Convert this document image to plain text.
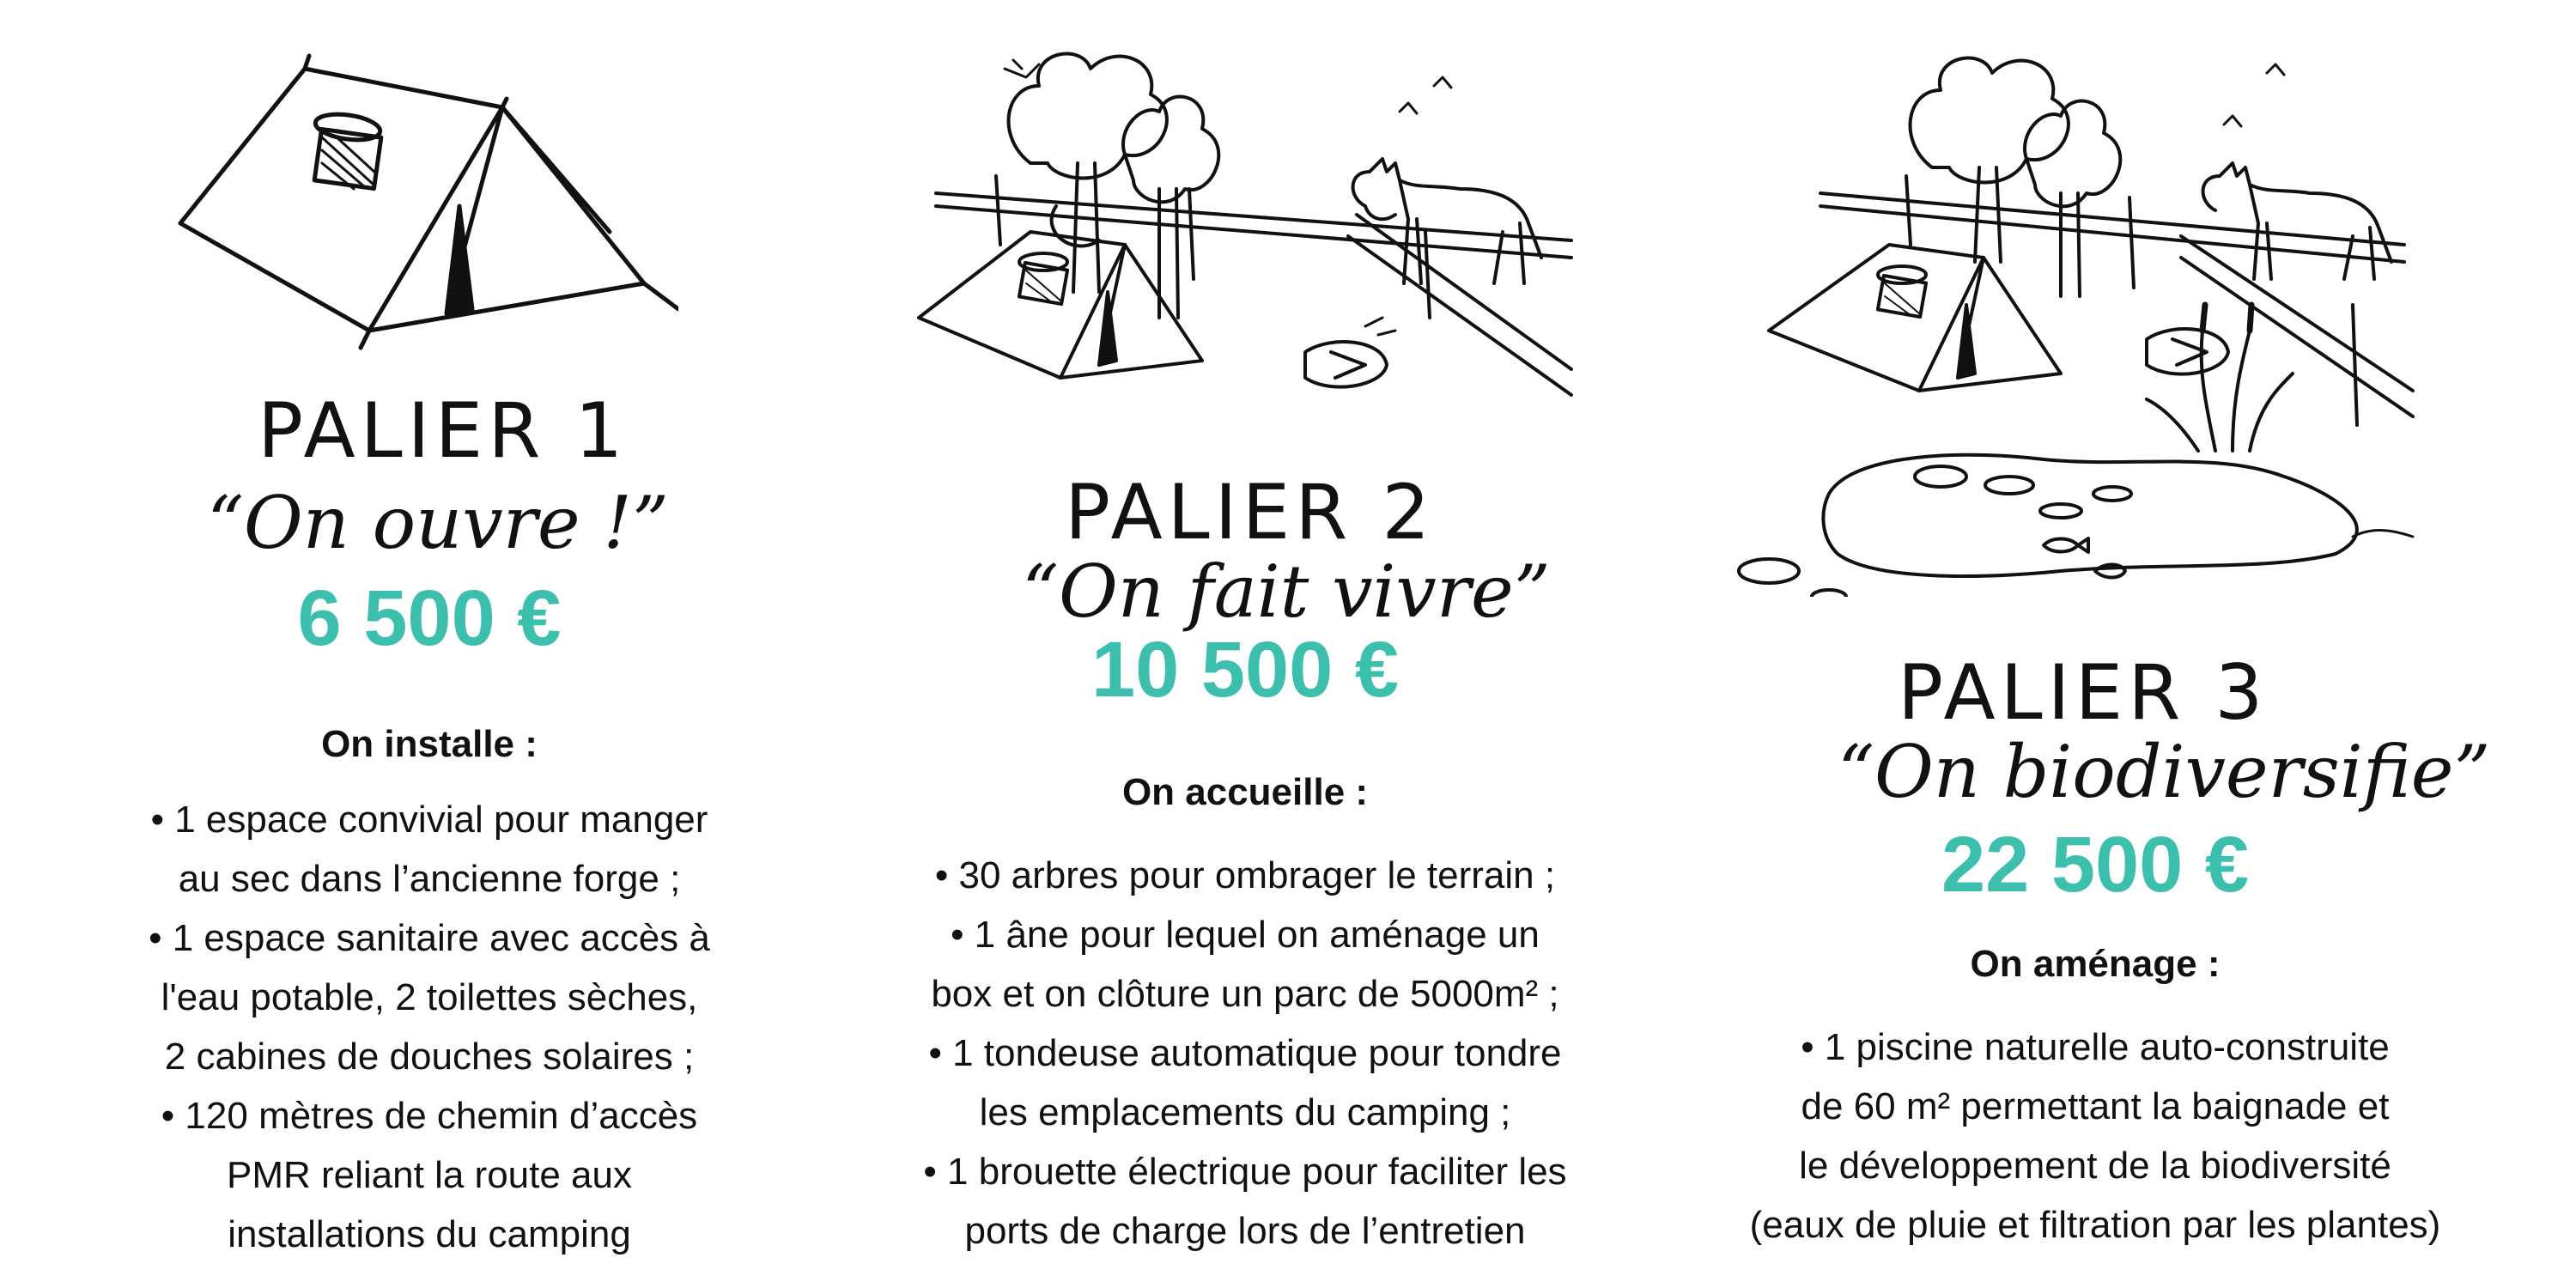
PALIER 1
“On ouvre !”
6 500 €
On installe :
• 1 espace convivial pour manger
au sec dans l’ancienne forge ;
• 1 espace sanitaire avec accès à
l'eau potable, 2 toilettes sèches,
2 cabines de douches solaires ;
• 120 mètres de chemin d’accès
PMR reliant la route aux
installations du camping
PALIER 2
“On fait vivre”
10 500 €
On accueille :
• 30 arbres pour ombrager le terrain ;
• 1 âne pour lequel on aménage un
box et on clôture un parc de 5000m² ;
• 1 tondeuse automatique pour tondre
les emplacements du camping ;
• 1 brouette électrique pour faciliter les
ports de charge lors de l’entretien
PALIER 3
“On biodiversifie”
22 500 €
On aménage :
• 1 piscine naturelle auto-construite
de 60 m² permettant la baignade et
le développement de la biodiversité
(eaux de pluie et filtration par les plantes)
